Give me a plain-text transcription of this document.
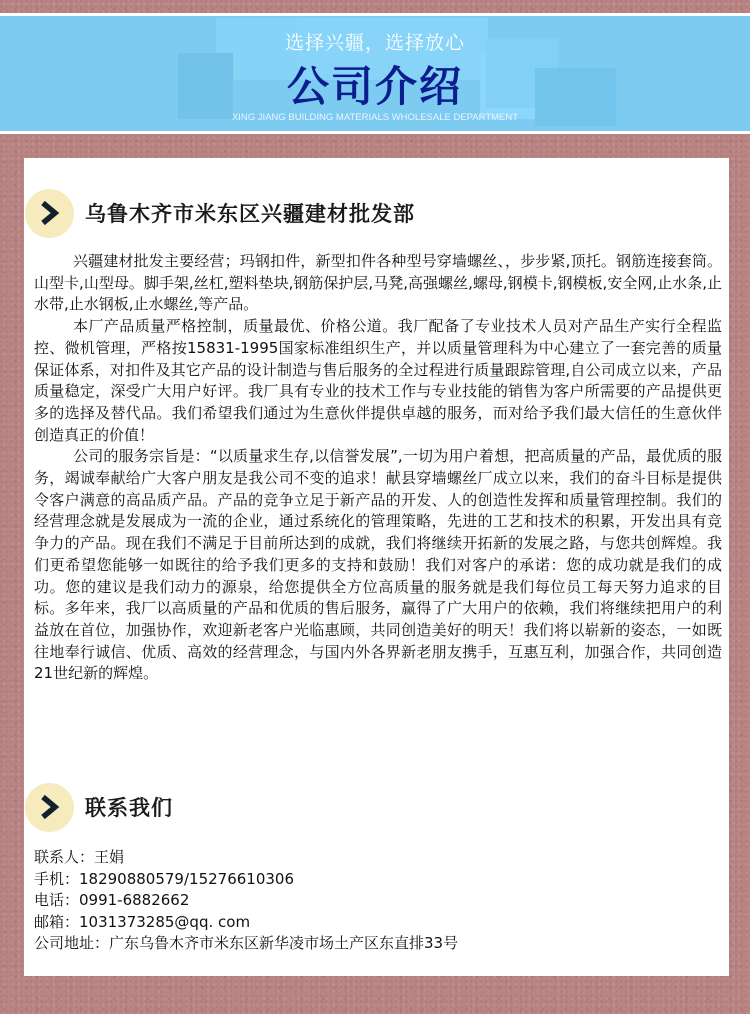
选择兴疆，选择放心
公司介绍
XING JIANG BUILDING MATERIALS WHOLESALE DEPARTMENT
乌鲁木齐市米东区兴疆建材批发部

兴疆建材批发主要经营；玛钢扣件，新型扣件各种型号穿墙螺丝、，步步紧,顶托。钢筋连接套筒。山型卡,山型母。脚手架,丝杠,塑料垫块,钢筋保护层,马凳,高强螺丝,螺母,钢模卡,钢模板,安全网,止水条,止水带,止水钢板,止水螺丝,等产品。

本厂产品质量严格控制，质量最优、价格公道。我厂配备了专业技术人员对产品生产实行全程监控、微机管理，严格按15831-1995国家标准组织生产，并以质量管理科为中心建立了一套完善的质量保证体系，对扣件及其它产品的设计制造与售后服务的全过程进行质量跟踪管理,自公司成立以来，产品质量稳定，深受广大用户好评。我厂具有专业的技术工作与专业技能的销售为客户所需要的产品提供更多的选择及替代品。我们希望我们通过为生意伙伴提供卓越的服务，而对给予我们最大信任的生意伙伴创造真正的价值！

公司的服务宗旨是：“以质量求生存,以信誉发展”,一切为用户着想，把高质量的产品，最优质的服务，竭诚奉献给广大客户朋友是我公司不变的追求！献县穿墙螺丝厂成立以来，我们的奋斗目标是提供令客户满意的高品质产品。产品的竞争立足于新产品的开发、人的创造性发挥和质量管理控制。我们的经营理念就是发展成为一流的企业，通过系统化的管理策略，先进的工艺和技术的积累，开发出具有竞争力的产品。现在我们不满足于目前所达到的成就，我们将继续开拓新的发展之路，与您共创辉煌。我们更希望您能够一如既往的给予我们更多的支持和鼓励！我们对客户的承诺：您的成功就是我们的成功。您的建议是我们动力的源泉，给您提供全方位高质量的服务就是我们每位员工每天努力追求的目标。多年来，我厂以高质量的产品和优质的售后服务，赢得了广大用户的依赖，我们将继续把用户的利益放在首位，加强协作，欢迎新老客户光临惠顾，共同创造美好的明天！我们将以崭新的姿态，一如既往地奉行诚信、优质、高效的经营理念，与国内外各界新老朋友携手，互惠互利，加强合作，共同创造21世纪新的辉煌。

联系我们
联系人：王娟
手机：18290880579/15276610306
电话：0991-6882662
邮箱：1031373285@qq. com
公司地址：广东乌鲁木齐市米东区新华凌市场土产区东直排33号
